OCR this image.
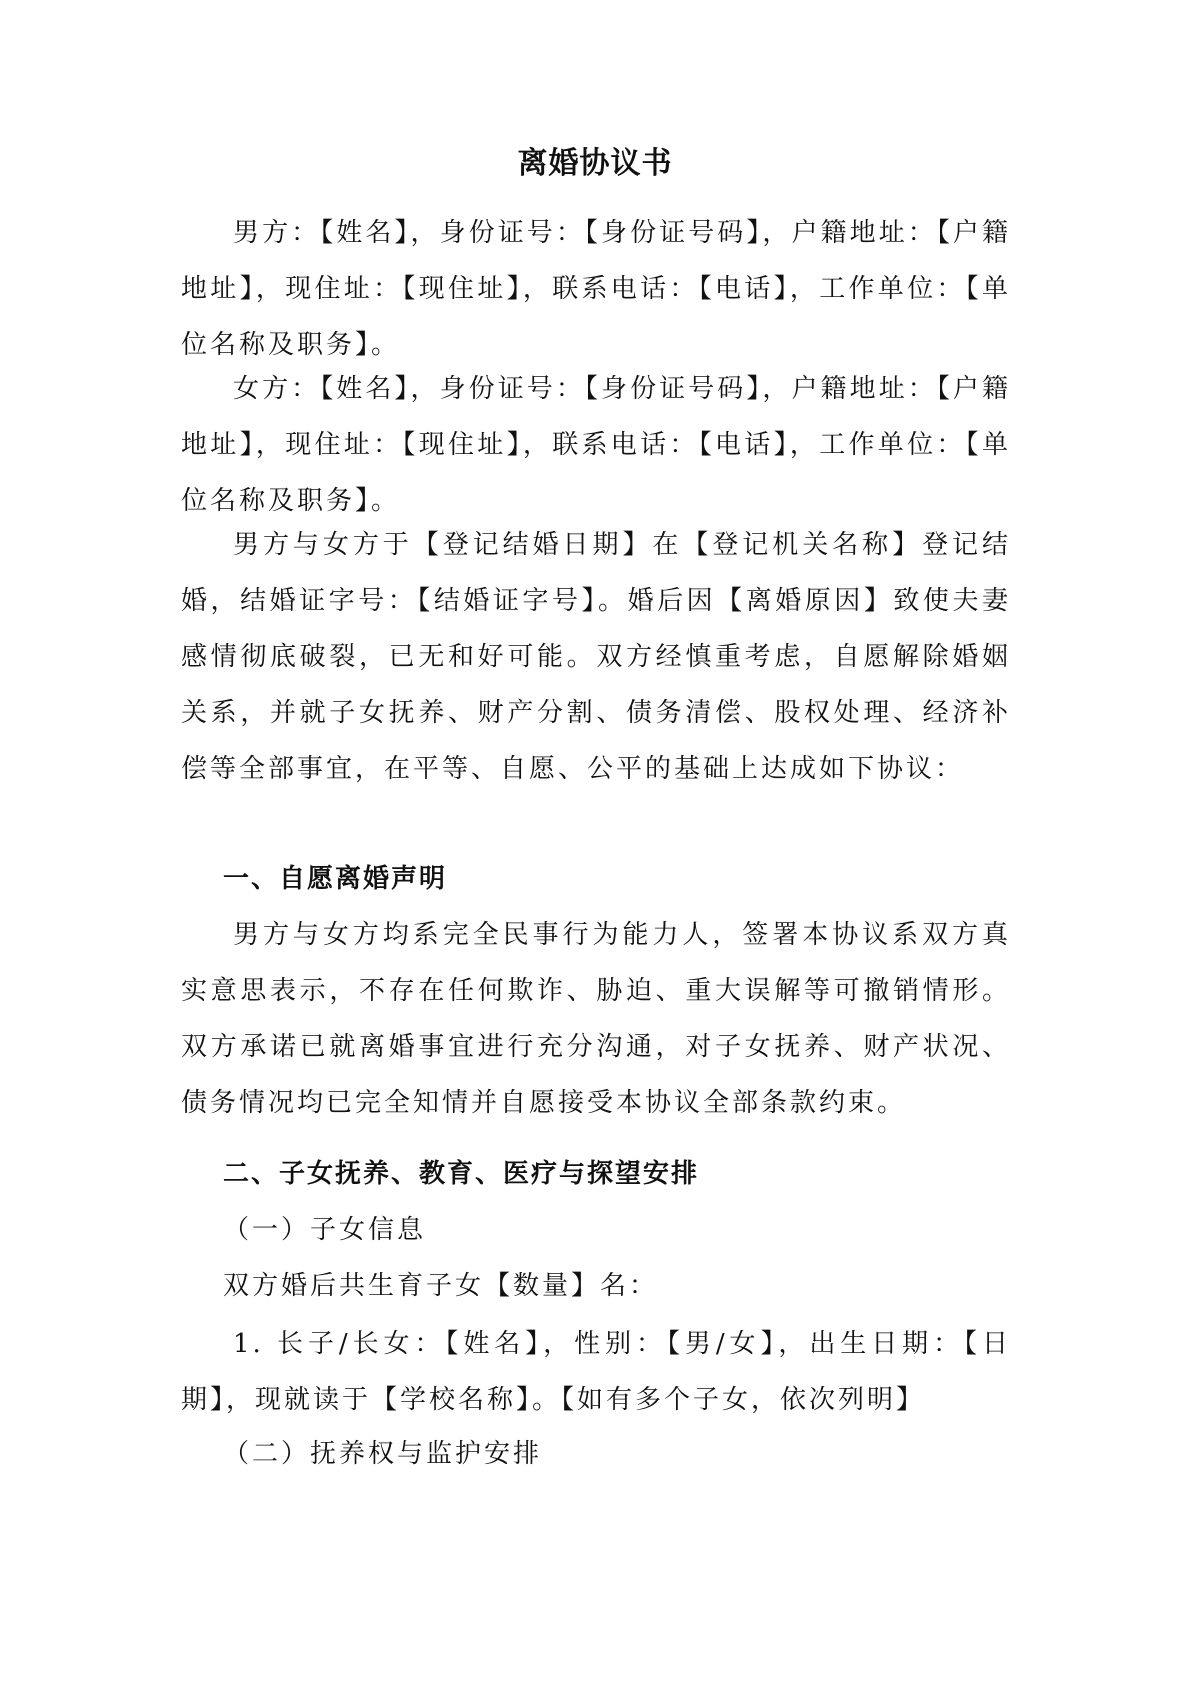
离婚协议书

男方：【姓名】，身份证号：【身份证号码】，户籍地址：【户籍地址】，现住址：【现住址】，联系电话：【电话】，工作单位：【单位名称及职务】。

女方：【姓名】，身份证号：【身份证号码】，户籍地址：【户籍地址】，现住址：【现住址】，联系电话：【电话】，工作单位：【单位名称及职务】。

男方与女方于【登记结婚日期】在【登记机关名称】登记结婚，结婚证字号：【结婚证字号】。婚后因【离婚原因】致使夫妻感情彻底破裂，已无和好可能。双方经慎重考虑，自愿解除婚姻关系，并就子女抚养、财产分割、债务清偿、股权处理、经济补偿等全部事宜，在平等、自愿、公平的基础上达成如下协议：

一、自愿离婚声明

男方与女方均系完全民事行为能力人，签署本协议系双方真实意思表示，不存在任何欺诈、胁迫、重大误解等可撤销情形。双方承诺已就离婚事宜进行充分沟通，对子女抚养、财产状况、债务情况均已完全知情并自愿接受本协议全部条款约束。

二、子女抚养、教育、医疗与探望安排

（一）子女信息

双方婚后共生育子女【数量】名：

1. 长子/长女：【姓名】，性别：【男/女】，出生日期：【日期】，现就读于【学校名称】。【如有多个子女，依次列明】

（二）抚养权与监护安排
